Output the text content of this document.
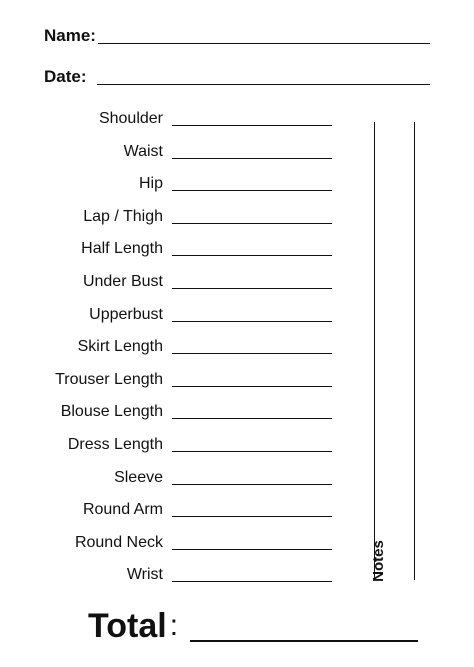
Name:
Date:
Shoulder
Waist
Hip
Lap / Thigh
Half Length
Under Bust
Upperbust
Skirt Length
Trouser Length
Blouse Length
Dress Length
Sleeve
Round Arm
Round Neck
Wrist	Notes
Total :
